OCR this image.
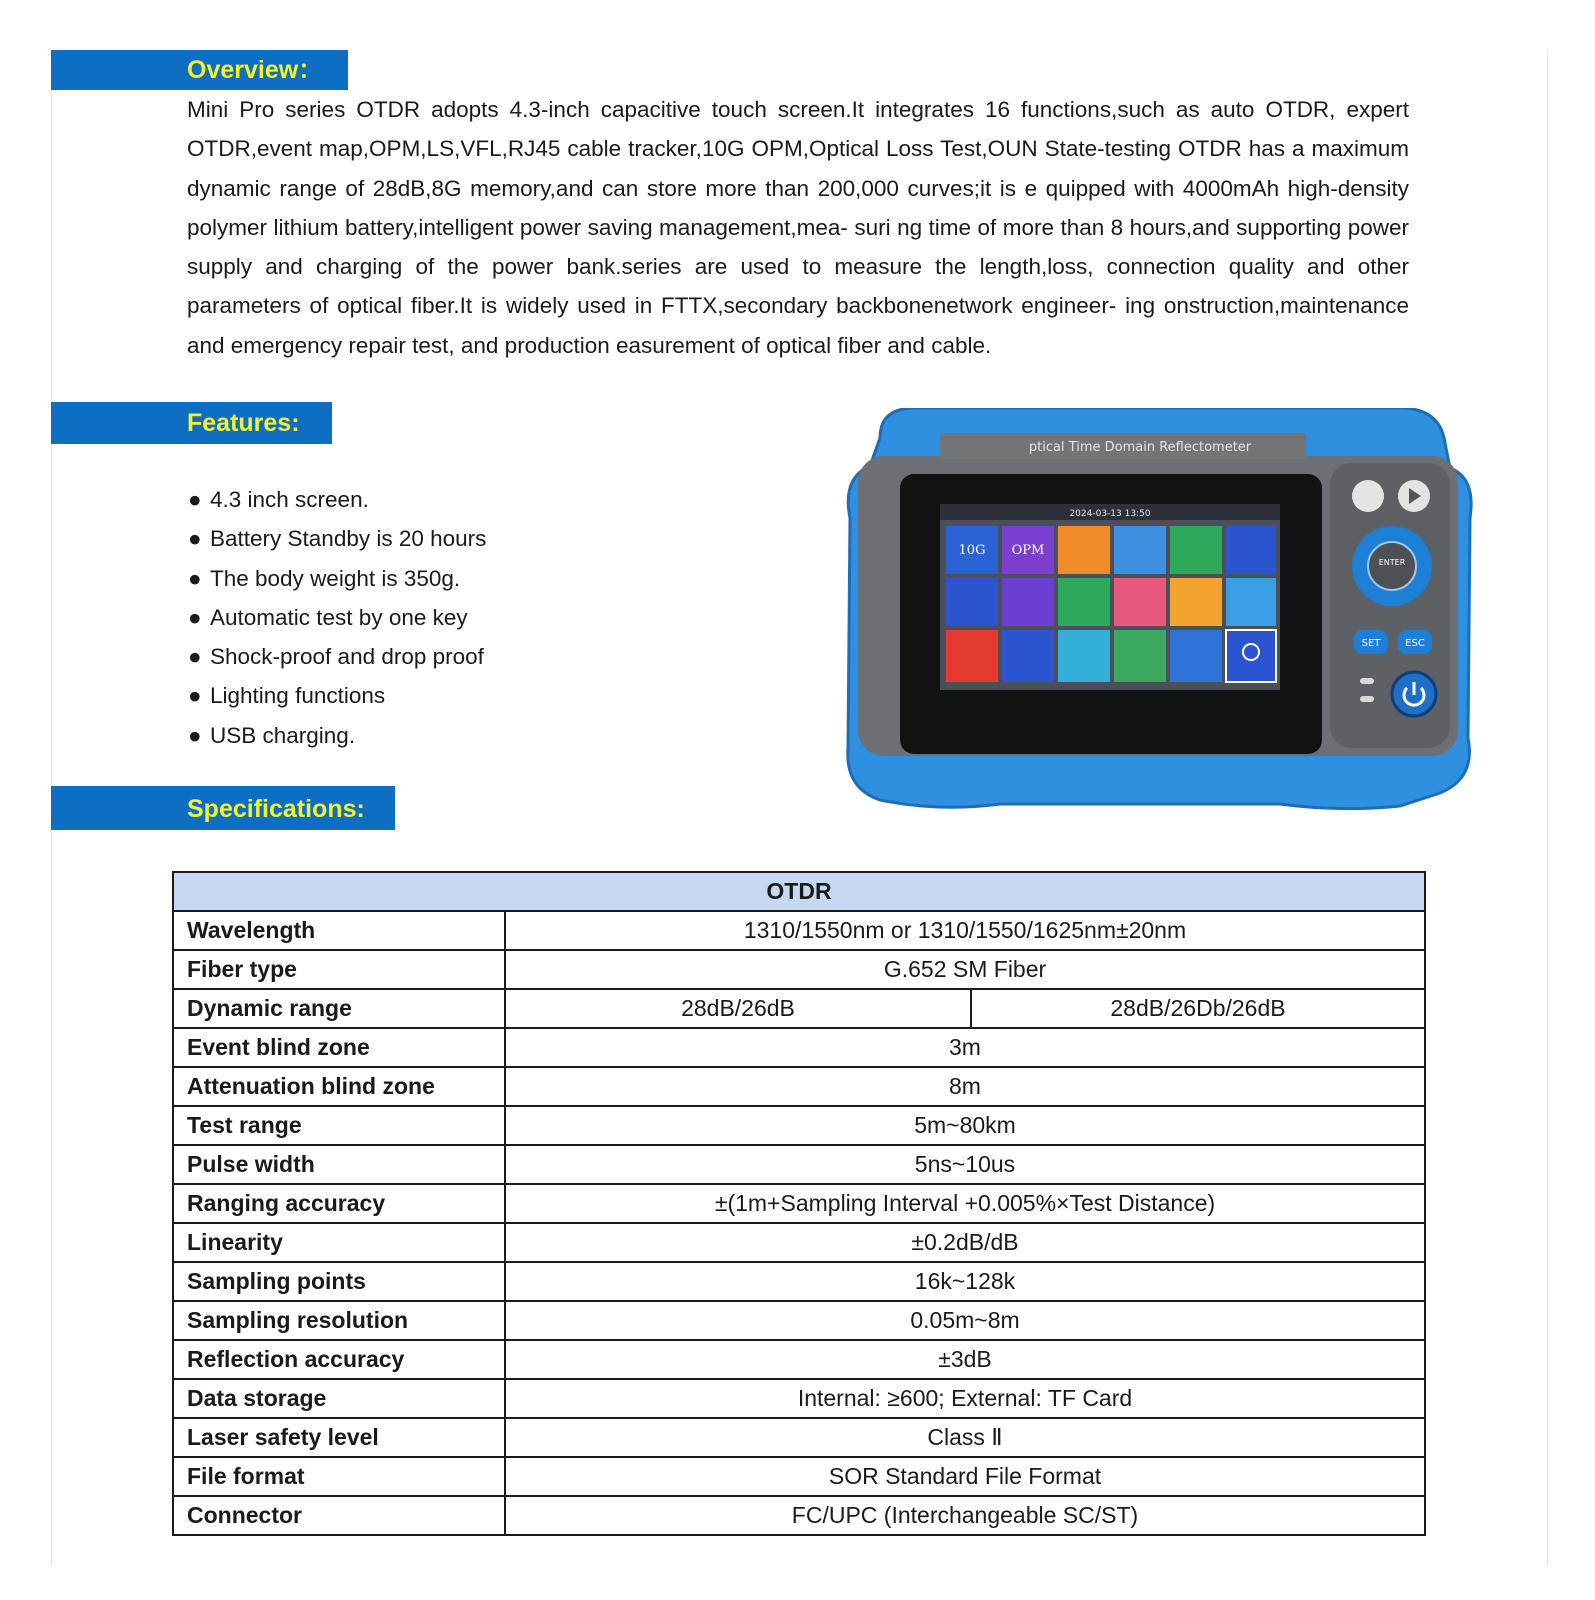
Overview：

Mini Pro series OTDR adopts 4.3-inch capacitive touch screen.It integrates 16 functions,such as auto OTDR, expert OTDR,event map,OPM,LS,VFL,RJ45 cable tracker,10G OPM,Optical Loss Test,OUN State-testing OTDR has a maximum dynamic range of 28dB,8G memory,and can store more than 200,000 curves;it is e quipped with 4000mAh high-density polymer lithium battery,intelligent power saving management,mea- suri ng time of more than 8 hours,and supporting power supply and charging of the power bank.series are used to measure the length,loss, connection quality and other parameters of optical fiber.It is widely used in FTTX,secondary backbonenetwork engineer- ing onstruction,maintenance and emergency repair test, and production easurement of optical fiber and cable.

Features:
● 4.3 inch screen.
● Battery Standby is 20 hours
● The body weight is 350g.
● Automatic test by one key
● Shock-proof and drop proof
● Lighting functions
● USB charging.
ptical Time Domain Reflectometer
2024-03-13 13:50
10G OPM
ENTER
SET ESC
Specifications:
OTDR		
Wavelength	1310/1550nm or 1310/1550/1625nm±20nm	
Fiber type	G.652 SM Fiber	
Dynamic range	28dB/26dB	28dB/26Db/26dB
Event blind zone	3m	
Attenuation blind zone	8m	
Test range	5m~80km	
Pulse width	5ns~10us	
Ranging accuracy	±(1m+Sampling Interval +0.005%×Test Distance)	
Linearity	±0.2dB/dB	
Sampling points	16k~128k	
Sampling resolution	0.05m~8m	
Reflection accuracy	±3dB	
Data storage	Internal: ≥600; External: TF Card	
Laser safety level	Class Ⅱ	
File format	SOR Standard File Format	
Connector	FC/UPC (Interchangeable SC/ST)	
